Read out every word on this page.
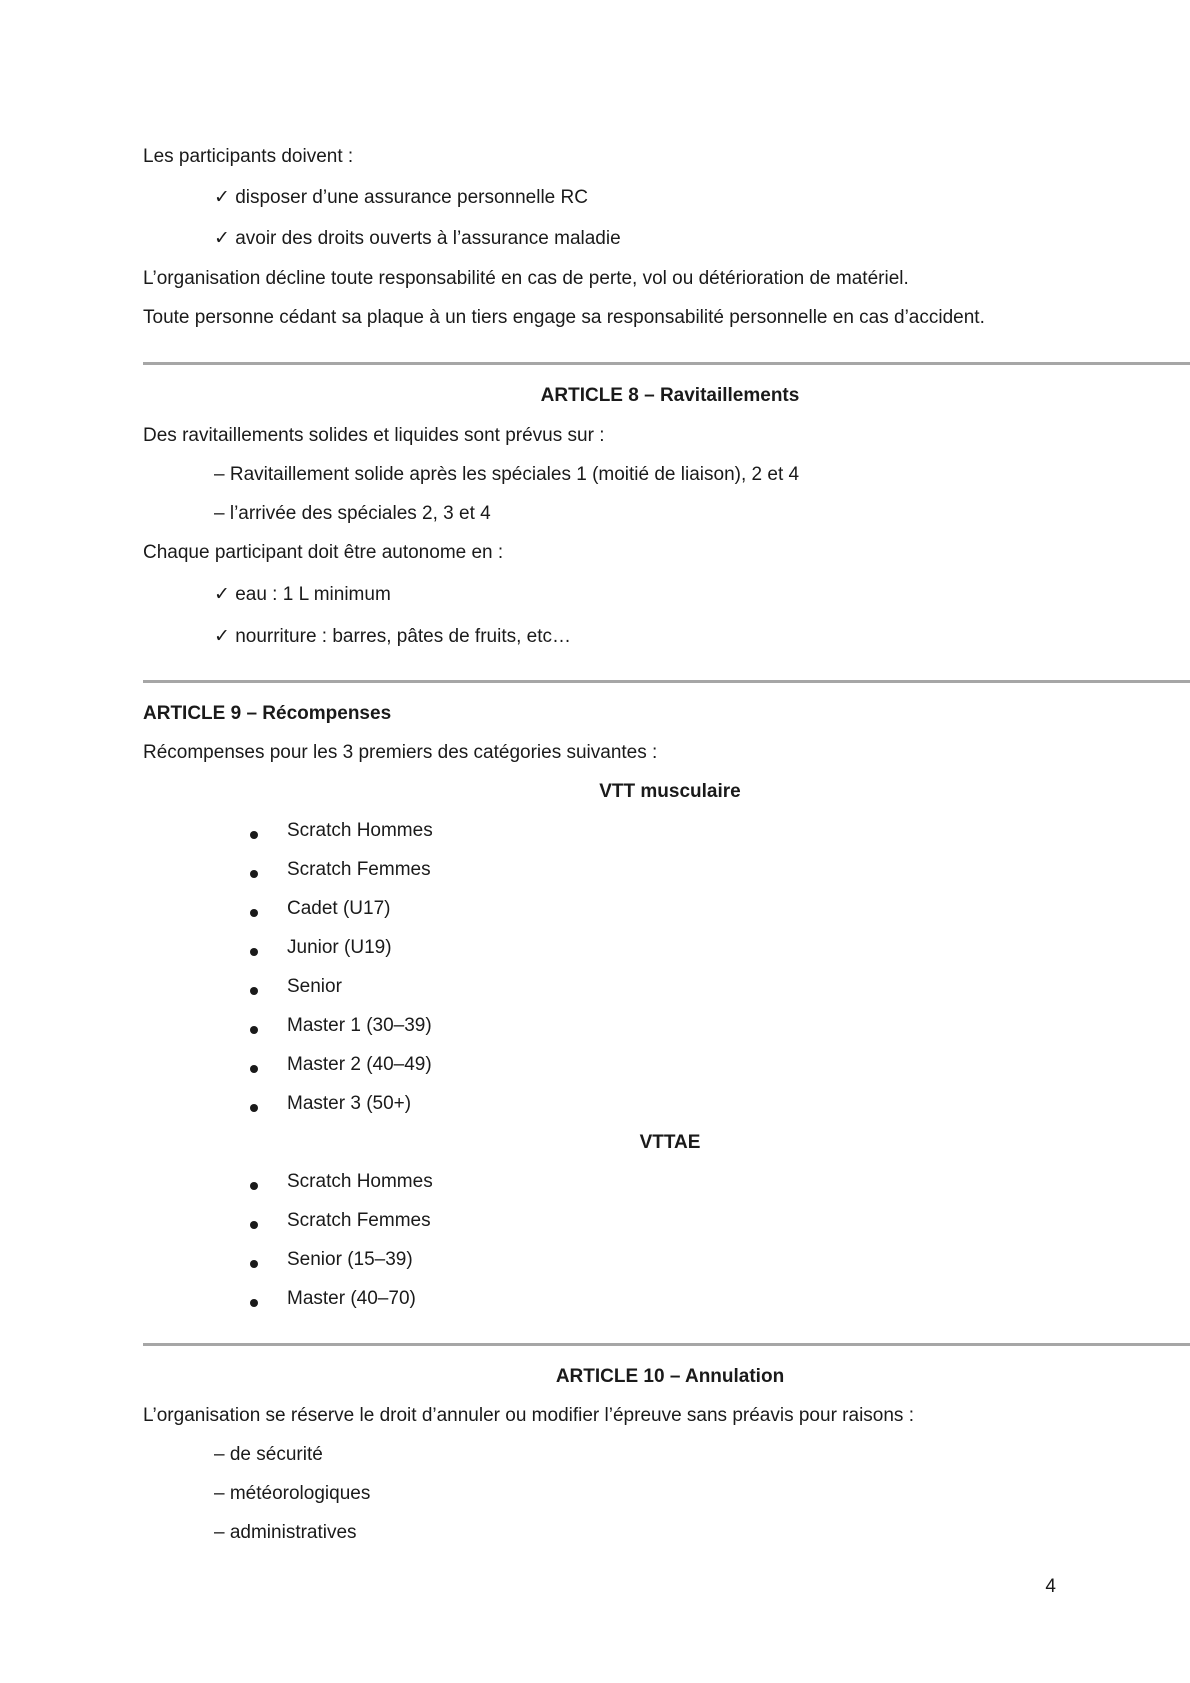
Les participants doivent :
✓ disposer d’une assurance personnelle RC
✓ avoir des droits ouverts à l’assurance maladie
L’organisation décline toute responsabilité en cas de perte, vol ou détérioration de matériel.
Toute personne cédant sa plaque à un tiers engage sa responsabilité personnelle en cas d’accident.
ARTICLE 8 – Ravitaillements
Des ravitaillements solides et liquides sont prévus sur :
– Ravitaillement solide après les spéciales 1 (moitié de liaison), 2 et 4
– l’arrivée des spéciales 2, 3 et 4
Chaque participant doit être autonome en :
✓ eau : 1 L minimum
✓ nourriture : barres, pâtes de fruits, etc…
ARTICLE 9 – Récompenses
Récompenses pour les 3 premiers des catégories suivantes :
VTT musculaire
Scratch Hommes
Scratch Femmes
Cadet (U17)
Junior (U19)
Senior
Master 1 (30–39)
Master 2 (40–49)
Master 3 (50+)
VTTAE
Scratch Hommes
Scratch Femmes
Senior (15–39)
Master (40–70)
ARTICLE 10 – Annulation
L’organisation se réserve le droit d’annuler ou modifier l’épreuve sans préavis pour raisons :
– de sécurité
– météorologiques
– administratives
4
